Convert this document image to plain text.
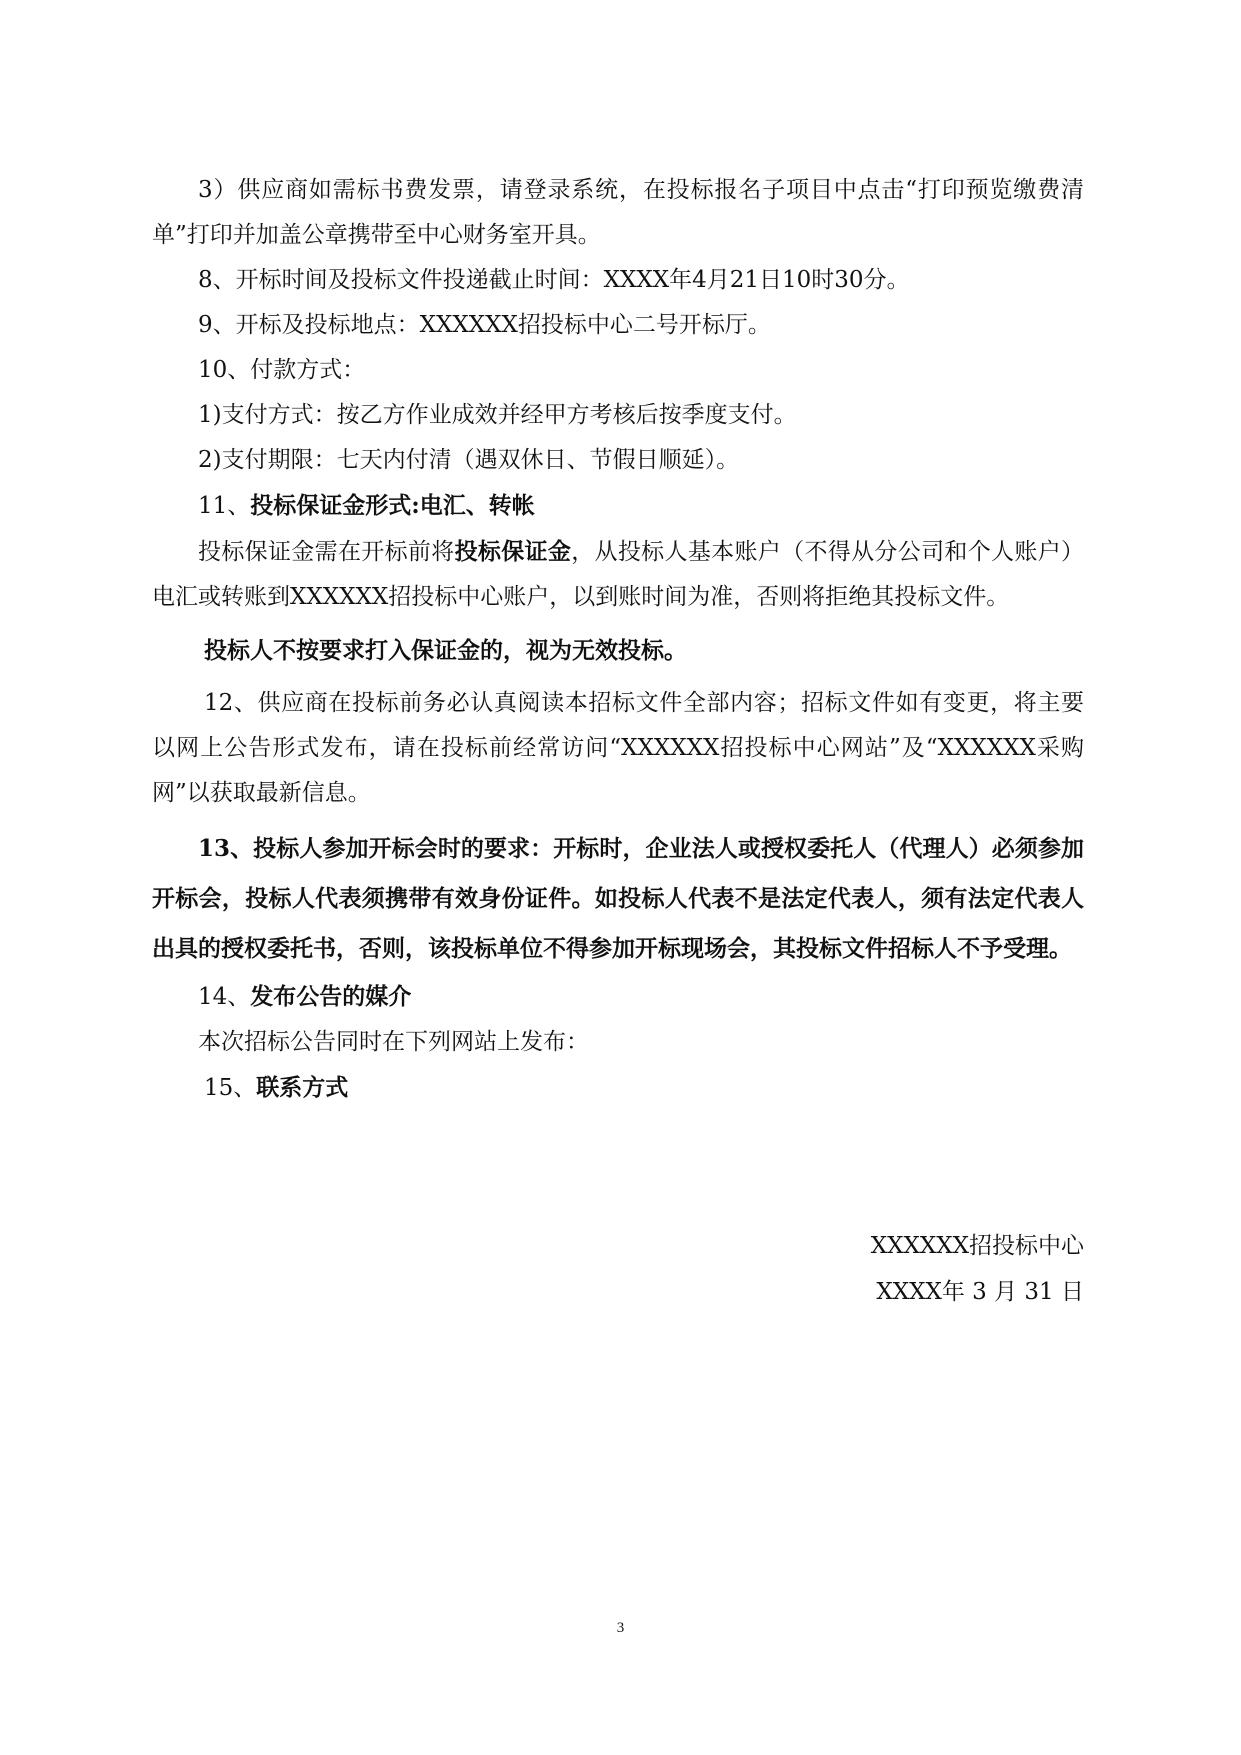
3）供应商如需标书费发票，请登录系统，在投标报名子项目中点击“打印预览缴费清单”打印并加盖公章携带至中心财务室开具。

8、开标时间及投标文件投递截止时间：XXXX年4月21日10时30分。

9、开标及投标地点：XXXXXX招投标中心二号开标厅。

10、付款方式：

1)支付方式：按乙方作业成效并经甲方考核后按季度支付。

2)支付期限：七天内付清（遇双休日、节假日顺延）。

11、投标保证金形式:电汇、转帐

投标保证金需在开标前将投标保证金，从投标人基本账户（不得从分公司和个人账户）电汇或转账到XXXXXX招投标中心账户，以到账时间为准，否则将拒绝其投标文件。

投标人不按要求打入保证金的，视为无效投标。

12、供应商在投标前务必认真阅读本招标文件全部内容；招标文件如有变更，将主要以网上公告形式发布，请在投标前经常访问“XXXXXX招投标中心网站”及“XXXXXX采购网”以获取最新信息。

13、投标人参加开标会时的要求：开标时，企业法人或授权委托人（代理人）必须参加开标会，投标人代表须携带有效身份证件。如投标人代表不是法定代表人，须有法定代表人出具的授权委托书，否则，该投标单位不得参加开标现场会，其投标文件招标人不予受理。

14、发布公告的媒介

本次招标公告同时在下列网站上发布：

15、联系方式

XXXXXX招投标中心

XXXX年 3 月 31 日

3
